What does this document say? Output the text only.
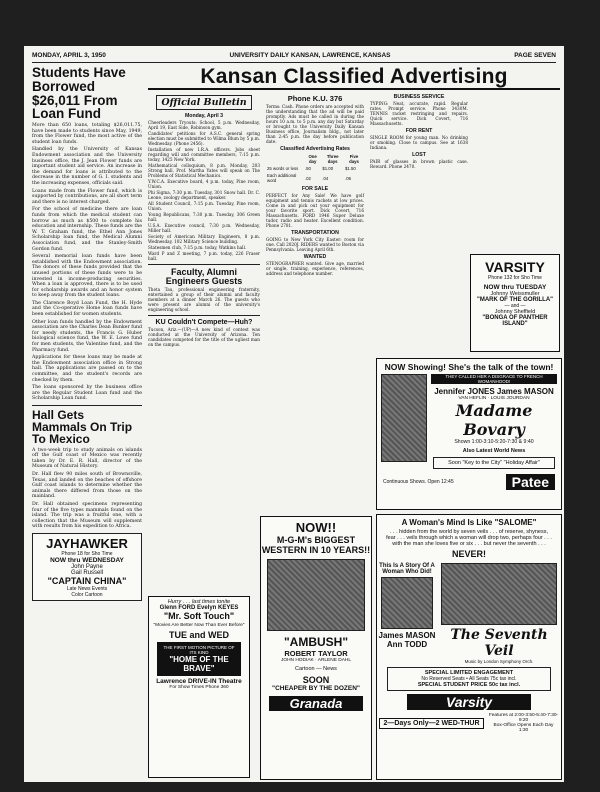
MONDAY, APRIL 3, 1950	UNIVERSITY DAILY KANSAN, LAWRENCE, KANSAS	PAGE SEVEN
Students Have Borrowed $26,011 From Loan Fund

More than 650 loans, totaling $26,011.75, have been made to students since May, 1949, from the Flower fund, the most active of the student loan funds.

Handled by the University of Kansas Endowment association and the University business office, the J. Jean Flower funds are important student aid service. An increase in the demand for loans is attributed to the decrease in the number of G. I. students and the increasing expenses, officials said.

Loans made from the Flower fund, which is supported by contributions, are all short term and there is no interest charged.

For the school of medicine there are loan funds from which the medical student can borrow as much as $500 to complete his education and internship. These funds are the W. T. Graham fund, the Ethel Ann Jones Scholarship loan fund, the Medical Alumni Association fund, and the Stanley-Smith Gordon fund.

Several memorial loan funds have been established with the Endowment association. The donors of these funds provided that the unused portions of these funds were to be invested in income-producing securities. When a loan is approved, there is to be used for scholarship awards and an honor system to keep away from the student loans.

The Clarence Boyd Loan Fund, the H. Hyde and the Co-operative Home loan funds have been established for women students.

Other loan funds handled by the Endowment association are the Charles Dean Bunker fund for needy students, the Francis G. Huber biological science fund, the W. E. Lowe fund for men students, the Valentine fund, and the Pharmacy fund.

Applications for these loans may be made at the Endowment association office in Strong hall. The applications are passed on to the committee, and the student's records are checked by them.

The loans sponsored by the business office are the Regular Student Loan fund and the Scholarship Loan fund.

Hall Gets Mammals On Trip To Mexico

A two-week trip to study animals on islands off the Gulf coast of Mexico was recently taken by Dr. E. R. Hall, director of the Museum of Natural History.

Dr. Hall flew 90 miles south of Brownsville, Texas, and landed on the beaches of offshore Gulf coast islands to determine whether the animals there differed from those on the mainland.

Dr. Hall obtained specimens representing four of the five types mammals found on the island. The trip was a fruitful one, with a collection that the Museum will supplement with results from his expedition to Africa.

JAYHAWKER
Phone 18 for Sho Time
NOW thru WEDNESDAY
John Payne
Gail Russell
"CAPTAIN CHINA"
Late News Events
Color Cartoon
Kansan Classified Advertising
Official Bulletin
Monday, April 3

Cheerleaders Tryouts: School, 5 p.m. Wednesday, April 19, East Side, Robinson gym.

Candidates' petitions for A.S.C. general spring election must be submitted to Wilma Blum by 5 p.m. Wednesday. (Phone 2456).

Installation of new I.R.A. officers. Jobs sheet regarding will and committee members, 7:15 p.m. today, 1425 New York.

Mathematical colloquium, 8 p.m. Monday, 203 Strong hall. Prof. Martha Yates will speak on The Problems of Statistical Mechanics.

Y.W.C.A. Executive board, 4 p.m. today, Pine room, Union.

Phi Sigma, 7:30 p.m. Tuesday, 301 Snow hall. Dr. C. Leone, zoology department, speaker.

All Student Council, 7:15 p.m. Tuesday, Pine room, Union.

Young Republicans, 7:30 p.m. Tuesday, 306 Green hall.

U.S.A. Executive council, 7:30 p.m. Wednesday, Miller hall.

Society of American Military Engineers, 8 p.m. Wednesday, 102 Military Science building.

Statesmen club, 7:15 p.m. today, Watkins hall.

Ward P and Z meeting, 7 p.m. today, 226 Fraser hall.

Faculty, Alumni Engineers Guests

Theta Tau, professional engineering fraternity, entertained a group of their alumni and faculty members at a dinner March 26. The guests who were present are alumni of the university's engineering school.

KU Couldn't Compete—Huh?

Tucson, Ariz.—(UP)—A new kind of contest was conducted at the University of Arizona. Ten candidates competed for the title of the ugliest man on the campus.

Phone K.U. 376

Terms: Cash. Phone orders are accepted with the understanding that the ad will be paid promptly. Ads must be called in during the hours 10 a.m. to 5 p.m. any day but Saturday or brought to the University Daily Kansan Business office, Journalism bldg., not later than 2:45 p.m. the day before publication date.

Classified Advertising Rates
	One day	Three days	Five days
25 words or less	.50	$1.00	$1.50
Each additional word	.02	.04	.06
FOR SALE

PERFECT for Any Sale! We have golf equipment and tennis rackets at low prices. Come in and pick out your equipment for your favorite sport. Dick Covert, 716 Massachusetts. FORD 1946 Super Deluxe tudor, radio and heater. Excellent condition. Phone 2781.

TRANSPORTATION

GOING to New York City Easter: room for one. Call 2020J. RIDERS wanted to Boston via Pennsylvania. Leaving April 6th.

WANTED

STENOGRAPHER wanted. Give age, married or single, training, experience, references, address and telephone number.

BUSINESS SERVICE

TYPING: Neat, accurate, rapid. Regular rates. Prompt service. Phone 3430M. TENNIS racket restringing and repairs. Quick service. Dick Covert, 716 Massachusetts.

FOR RENT

SINGLE ROOM for young man. No drinking or smoking. Close to campus. See at 1638 Indiana.

LOST

PAIR of glasses in brown plastic case. Reward. Phone 2470.

VARSITY
Phone 132 for Sho Time
NOW thru TUESDAY
Johnny Weissmuller
"MARK OF THE GORILLA"
— and —
Johnny Sheffield
"BONGA OF PANTHER ISLAND"
Hurry . . . last times tonite
Glenn FORD Evelyn KEYES
"Mr. Soft Touch"
"Movies Are Better Now Than Ever Before"
TUE and WED
THE FIRST MOTION PICTURE OF ITS KIND
"HOME OF THE BRAVE"
Lawrence DRIVE-IN Theatre
For Show Times Phone 360
NOW!!
M-G-M's BIGGEST WESTERN IN 10 YEARS!!
"AMBUSH"
ROBERT TAYLOR
JOHN HODIAK · ARLENE DAHL
Cartoon — News
SOON
"CHEAPER BY THE DOZEN"
Granada
NOW Showing! She's the talk of the town!
THEY CALLED HER A DISGRACE TO FRENCH WOMANHOOD!
Jennifer JONES James MASON
VAN HEFLIN · LOUIS JOURDAN
Madame Bovary
Shown 1:00-3:10-5:20-7:30 & 9:40
Also Latest World News
Soon "Key to the City" "Holiday Affair"
Continuous Shows. Open 12:45	Patee
A Woman's Mind Is Like "SALOME"
. . . hidden from the world by seven veils . . . of reserve, shyness, fear . . . veils through which a woman will drop two, perhaps four . . . with the man she loves five or six . . . but never the seventh . . .
NEVER!
This Is A Story Of A Woman Who Did!
James MASON Ann TODD
The Seventh Veil
Music by London Symphony Orch.
SPECIAL LIMITED ENGAGEMENT
No Reserved Seats • All Seats 75c tax incl.
SPECIAL STUDENT PRICE 50c tax incl.
Varsity
2—Days Only—2 WED-THUR
Features at 2:00-3:50-5:40-7:30-9:20
Box-Office Opens Each Day 1:30
